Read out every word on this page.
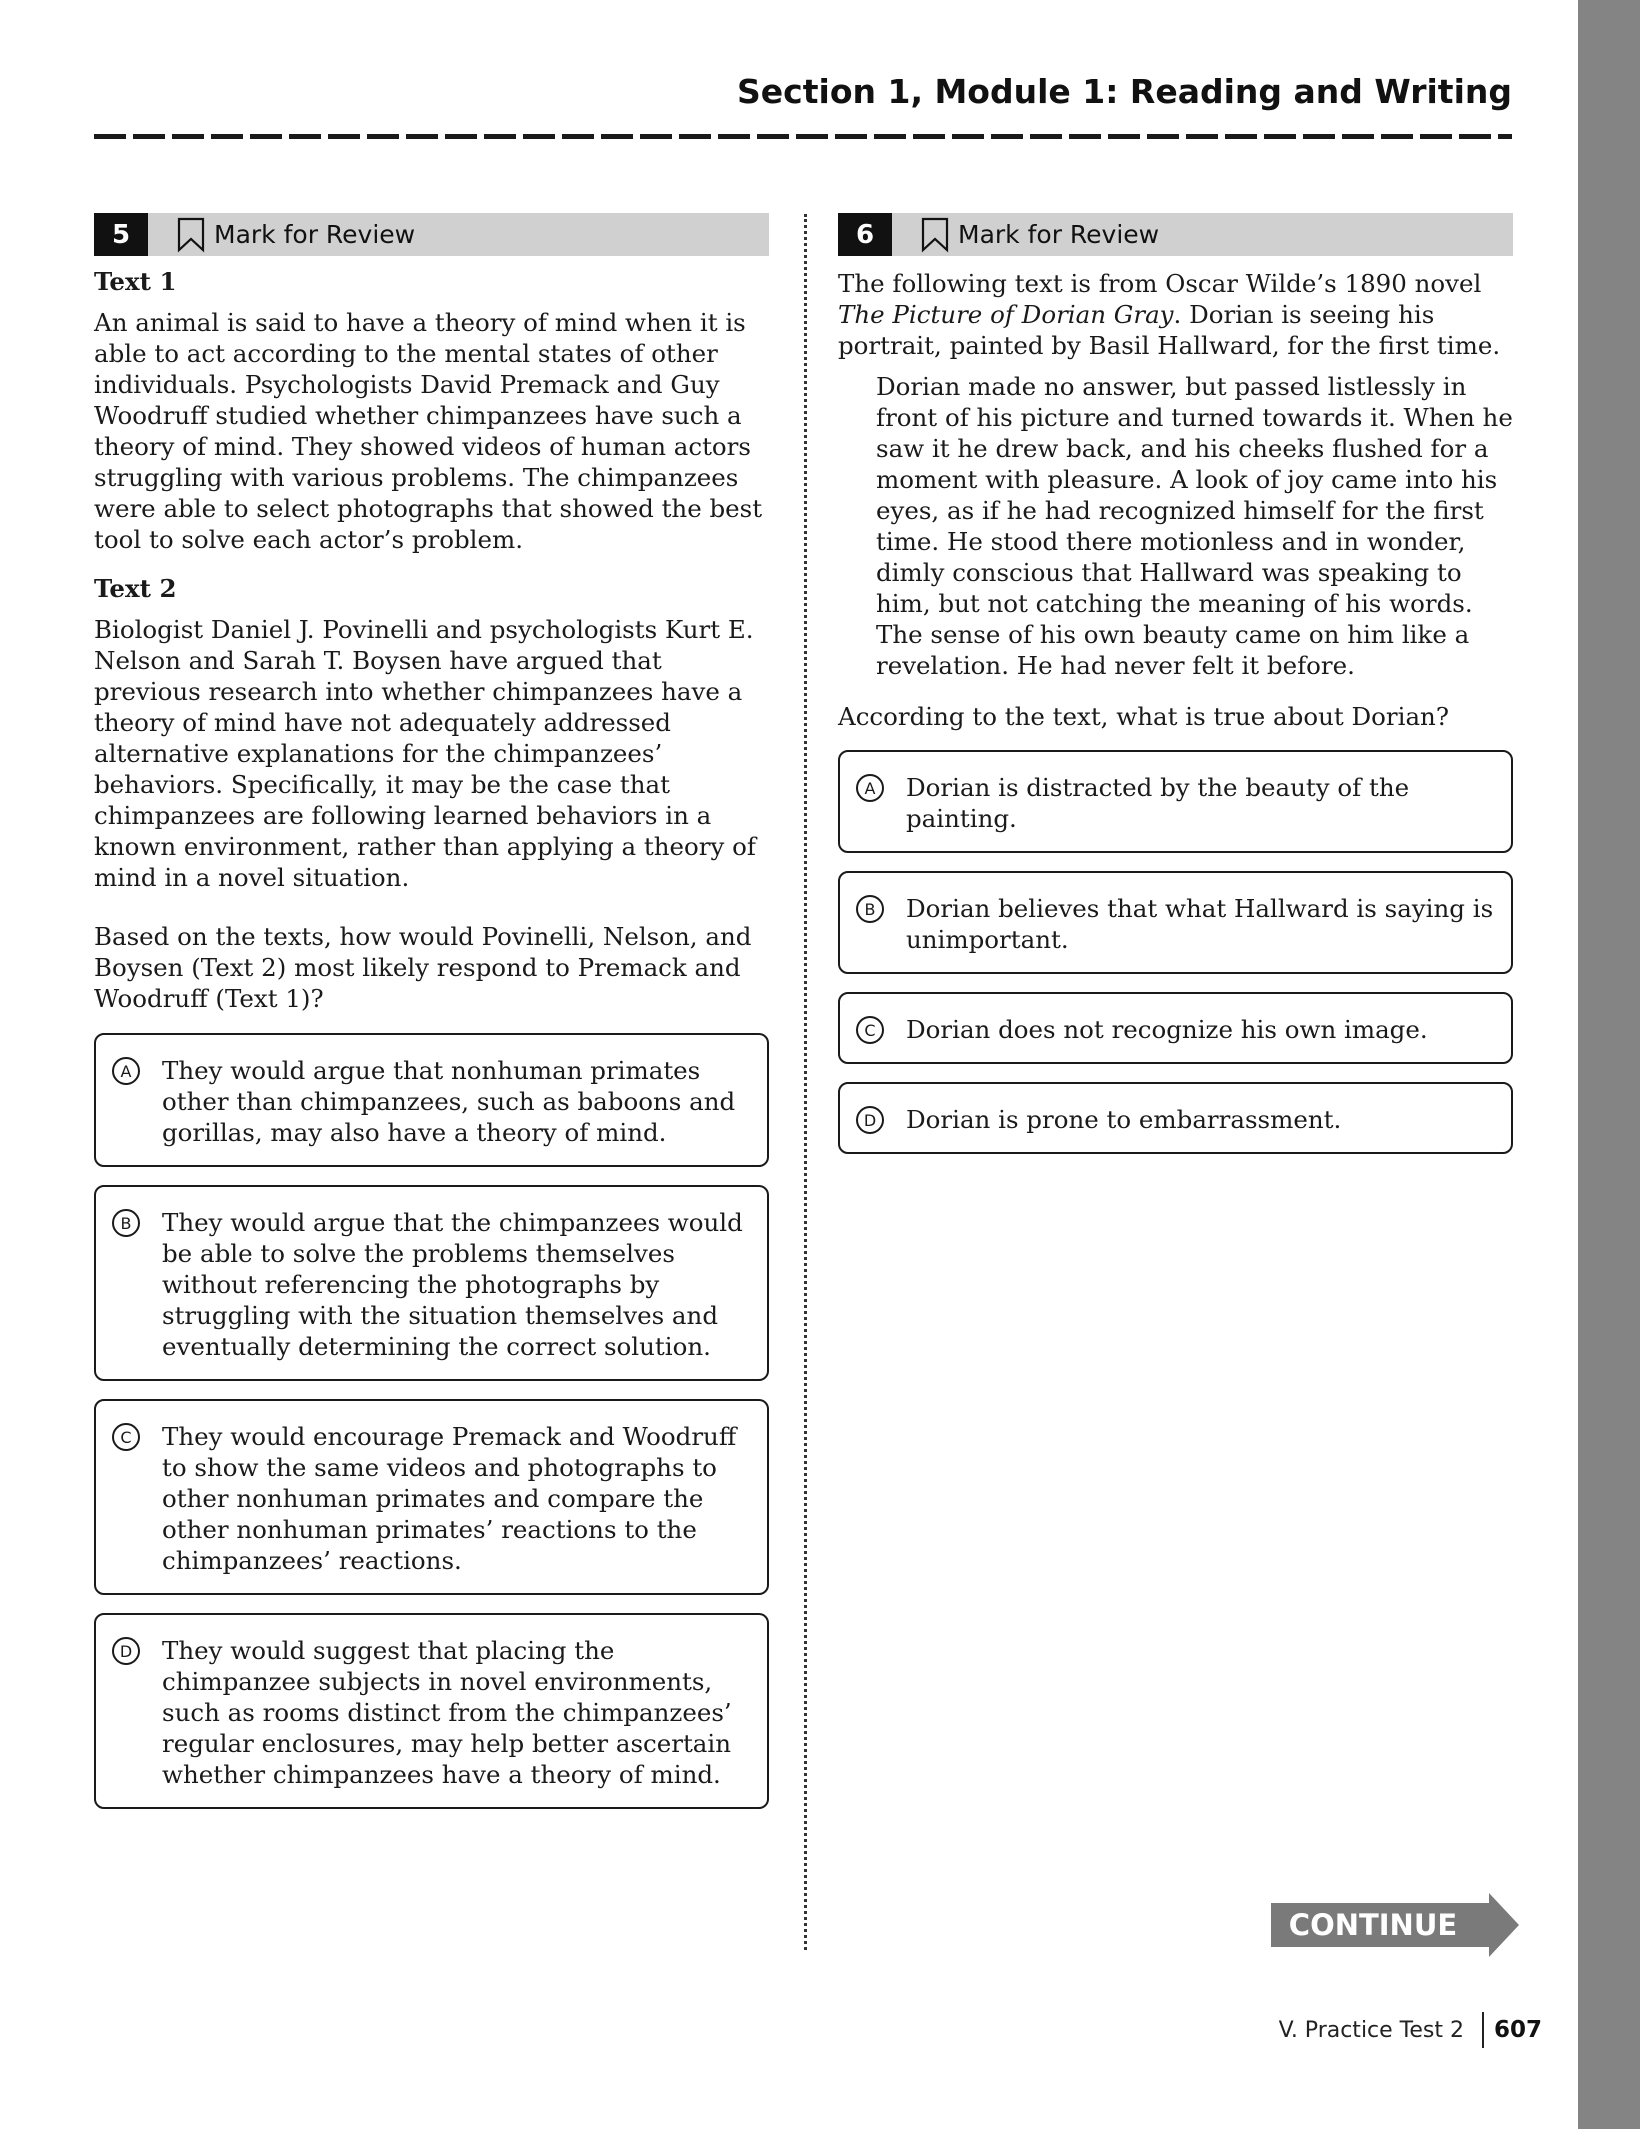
Section 1, Module 1: Reading and Writing
5	Mark for Review

Text 1

An animal is said to have a theory of mind when it is able to act according to the mental states of other individuals. Psychologists David Premack and Guy Woodruff studied whether chimpanzees have such a theory of mind. They showed videos of human actors struggling with various problems. The chimpanzees were able to select photographs that showed the best tool to solve each actor’s problem.

Text 2

Biologist Daniel J. Povinelli and psychologists Kurt E. Nelson and Sarah T. Boysen have argued that previous research into whether chimpanzees have a theory of mind have not adequately addressed alternative explanations for the chimpanzees’ behaviors. Specifically, it may be the case that chimpanzees are following learned behaviors in a known environment, rather than applying a theory of mind in a novel situation.

Based on the texts, how would Povinelli, Nelson, and Boysen (Text 2) most likely respond to Premack and Woodruff (Text 1)?

A	They would argue that nonhuman primates other than chimpanzees, such as baboons and gorillas, may also have a theory of mind.
B	They would argue that the chimpanzees would be able to solve the problems themselves without referencing the photographs by struggling with the situation themselves and eventually determining the correct solution.
C	They would encourage Premack and Woodruff to show the same videos and photographs to other nonhuman primates and compare the other nonhuman primates’ reactions to the chimpanzees’ reactions.
D	They would suggest that placing the chimpanzee subjects in novel environments, such as rooms distinct from the chimpanzees’ regular enclosures, may help better ascertain whether chimpanzees have a theory of mind.
6	Mark for Review

The following text is from Oscar Wilde’s 1890 novel The Picture of Dorian Gray. Dorian is seeing his portrait, painted by Basil Hallward, for the first time.

Dorian made no answer, but passed listlessly in front of his picture and turned towards it. When he saw it he drew back, and his cheeks flushed for a moment with pleasure. A look of joy came into his eyes, as if he had recognized himself for the first time. He stood there motionless and in wonder, dimly conscious that Hallward was speaking to him, but not catching the meaning of his words. The sense of his own beauty came on him like a revelation. He had never felt it before.

According to the text, what is true about Dorian?

A	Dorian is distracted by the beauty of the painting.
B	Dorian believes that what Hallward is saying is unimportant.
C	Dorian does not recognize his own image.
D	Dorian is prone to embarrassment.
CONTINUE
V. Practice Test 2 607
